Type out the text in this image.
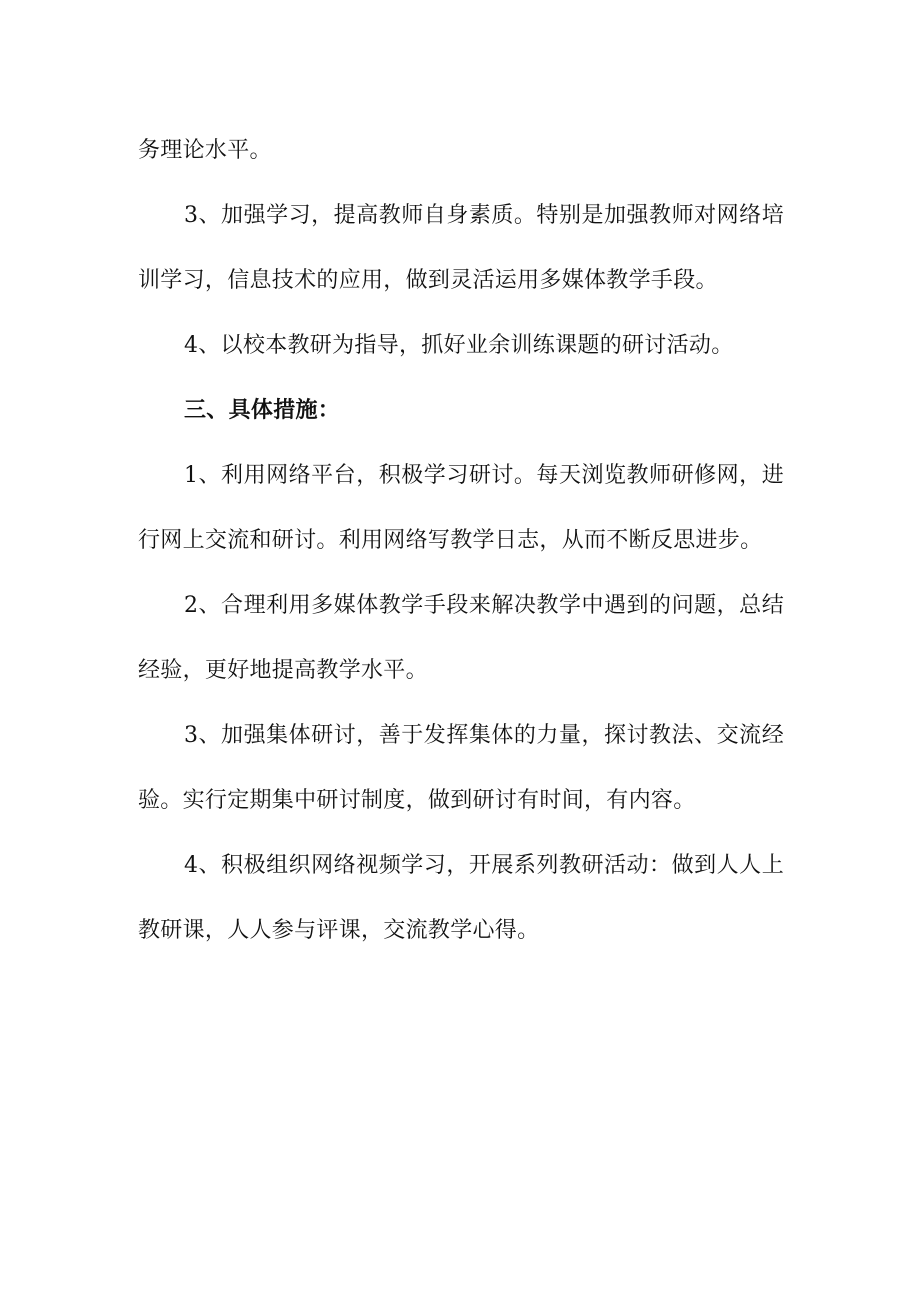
务理论水平。

3、加强学习，提高教师自身素质。特别是加强教师对网络培训学习，信息技术的应用，做到灵活运用多媒体教学手段。

4、以校本教研为指导，抓好业余训练课题的研讨活动。

三、具体措施：

1、利用网络平台，积极学习研讨。每天浏览教师研修网，进行网上交流和研讨。利用网络写教学日志，从而不断反思进步。

2、合理利用多媒体教学手段来解决教学中遇到的问题，总结经验，更好地提高教学水平。

3、加强集体研讨，善于发挥集体的力量，探讨教法、交流经验。实行定期集中研讨制度，做到研讨有时间，有内容。

4、积极组织网络视频学习，开展系列教研活动：做到人人上教研课，人人参与评课，交流教学心得。
